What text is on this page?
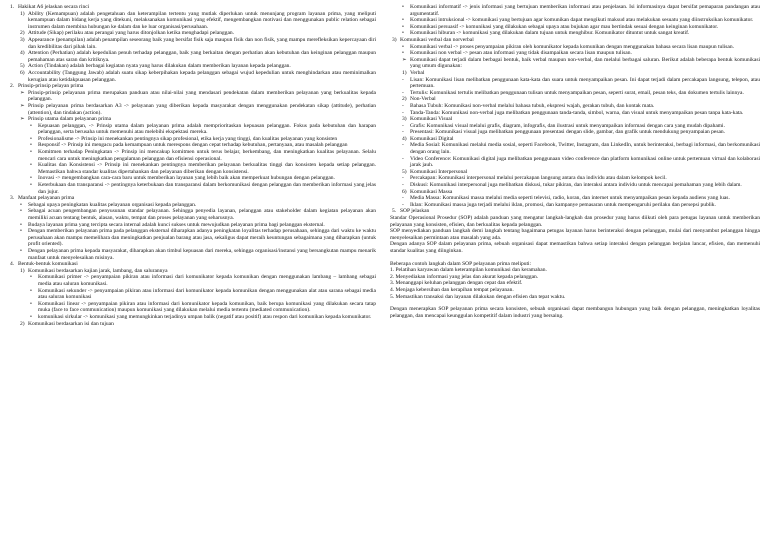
1. Hakikat A6 jelaskan secara rinci
1) Ability (Kemampuan) adalah pengetahuan dan keterampilan tertentu yang mutlak diperlukan untuk menunjang program layanan prima, yang meliputi kemampuan dalam bidang kerja yang ditekuni, melaksanakan komunikasi yang efektif, mengembangkan motivasi dan menggunakan public relation sebagai instrumen dalam membina hubungan ke dalam dan ke luar organisasi/perusahaan.
2) Attitude (Sikap) perilaku atau perangai yang harus ditonjolkan ketika menghadapi pelanggan.
3) Appearance (penampilan) adalah penampilan seseorang baik yang bersifat fisik saja maupun fisik dan non fisik, yang mampu merefleksikan kepercayaan diri dan kredibilitas dari pihak lain.
4) Attention (Perhatian) adalah kepedulian penuh terhadap pelanggan, baik yang berkaitan dengan perhatian akan kebutuhan dan keinginan pelanggan maupun pemahaman atas saran dan kritiknya.
5) Action (Tindakan) adalah berbagai kegiatan nyata yang harus dilakukan dalam memberikan layanan kepada pelanggan.
6) Accountability (Tanggung Jawab) adalah suatu sikap keberpihakan kepada pelanggan sebagai wujud kepedulian untuk menghindarkan atau meminimalkan kerugian atau ketidakpuasan pelanggan.
2. Prinsip-prinsip pelayan prima
➢ Prinsip-prinsip pelayanan prima merupakan panduan atau nilai-nilai yang mendasari pendekatan dalam memberikan pelayanan yang berkualitas kepada pelanggan.
➢ Prinsip pelayanan prima berdasarkan A3 -> pelayanan yang diberikan kepada masyarakat dengan menggunakan pendekatan sikap (attitude), perhatian (attention), dan tindakan (action).
➢ Prinsip utama dalam pelayanan prima
•	Kepuasan pelanggan, -> Prinsip utama dalam pelayanan prima adalah memprioritaskan kepuasan pelanggan. Fokus pada kebutuhan dan harapan pelanggan, serta berusaha untuk memenuhi atau melebihi ekspektasi mereka.
•	Profesionalisme -> Prinsip ini menekankan pentingnya sikap profesional, etika kerja yang tinggi, dan kualitas pelayanan yang konsisten
•	Responsif -> Prinsip ini mengacu pada kemampuan untuk merespons dengan cepat terhadap kebutuhan, pertanyaan, atau masalah pelanggan
•	Komitmen terhadap Peningkatan -> Prinsip ini mencakup komitmen untuk terus belajar, berkembang, dan meningkatkan kualitas pelayanan. Selalu mencari cara untuk meningkatkan pengalaman pelanggan dan efisiensi operasional.
•	Kualitas dan Konsistensi -> Prinsip ini menekankan pentingnya memberikan pelayanan berkualitas tinggi dan konsisten kepada setiap pelanggan. Memastikan bahwa standar kualitas dipertahankan dan pelayanan diberikan dengan konsistensi.
•	Inovasi -> mengembangkan cara-cara baru untuk memberikan layanan yang lebih baik akan memperkuat hubungan dengan pelanggan.
•	Keterbukaan dan transparansi -> pentingnya keterbukaan dan transparansi dalam berkomunikasi dengan pelanggan dan memberikan informasi yang jelas dan jujur.
3. Manfaat pelayanan prima
•	Sebagai upaya peningkatan kualitas pelayanan organisasi kepada pelanggan.
•	Sebagai acuan pengembangan penyusunan standar pelayanan. Sehingga penyedia layanan, pelanggan atau stakeholder dalam kegiatan pelayanan akan memiliki acuan tentang bentuk, alasan, waktu, tempat dan proses pelayanan yang seharusnya.
•	Budaya layanan prima yang tercipta secara internal adalah kunci sukses untuk mewujudkan pelayanan prima bagi pelanggan eksternal.
•	Dengan memberikan pelayanan prima pada pelanggan eksternal diharapkan adanya peningkatan loyalitas terhadap perusahaan, sehingga dari waktu ke waktu perusahaan akan mampu memelihara dan meningkatkan penjualan barang atau jasa, sekaligus dapat meraih keuntungan sebagaimana yang diharapkan (untuk profit oriented).
•	Dengan pelayanan prima kepada masyarakat, diharapkan akan timbul kepuasan dari mereka, sehingga organisasi/instansi yang bersangkutan mampu menarik manfaat untuk menyelesaikan misinya.
4. Bentuk-bentuk komunikasi
1) Komunikasi berdasarkan kajian jarak, lambang, dan salurannya
•	Komunikasi primer -> penyampaian pikiran atau informasi dari komunikator kepada komunikan dengan menggunakan lambang – lambang sebagai media atau saluran komunikasi.
•	Komunikasi sekunder -> penyampaian pikiran atau informasi dari komunikator kepada komunikan dengan menggunakan alat atau sarana sebagai media atau saluran komunikasi
•	Komunikasi linear -> penyampaian pikiran atau informasi dari komunikator kepada komunikan, baik berupa komunikasi yang dilakukan secara tatap muka (face to face communication) maupun komunikasi yang dilakukan melalui media tertentu (mediated communication).
•	komunikasi sirkular -> komunikasi yang memungkinkan terjadinya umpan balik (negatif atau positif) atau respon dari komunikan kepada komunikator.
2) Komunikasi berdasarkan isi dan tujuan
•	Komunikasi informatif -> jenis informasi yang bertujuan memberikan informasi atau penjelasan. Isi informasinya dapat bersifat pemaparan pandangan atau argumentatif.
•	Komunikasi intruksional -> komunikasi yang bertujuan agar komunikan dapat mengikuti maksud atau melakukan sesuatu yang diinstruksikan komunikator.
•	Komunikasi persuasif -> komunikasi yang dilakukan sebagai upaya atau bujukan agar mau bertindak sesuai dengan keinginan komunikator.
•	Komunikasi hiburan -> komunikasi yang dilakukan dalam tujuan untuk menghibur. Komunikator dituntut untuk sangat kreatif.
3) Komunikasi verbal dan norverbal
•	Komunikasi verbal -> proses penyampaian pikiran oleh komunikator kepada komunikan dengan menggunakan bahasa secara lisan maupun tulisan.
•	Komunikasi non verbal -> pesan atau informasi yang tidak disampaikan secara lisan maupun tulisan.
➢ Komunikasi dapat terjadi dalam berbagai bentuk, baik verbal maupun non-verbal, dan melalui berbagai saluran. Berikut adalah beberapa bentuk komunikasi yang umum digunakan:
1) Verbal
-	Lisan: Komunikasi lisan melibatkan penggunaan kata-kata dan suara untuk menyampaikan pesan. Ini dapat terjadi dalam percakapan langsung, telepon, atau pertemuan.
-	Tertulis: Komunikasi tertulis melibatkan penggunaan tulisan untuk menyampaikan pesan, seperti surat, email, pesan teks, dan dokumen tertulis lainnya.
2) Non-Verbal
-	Bahasa Tubuh: Komunikasi non-verbal melalui bahasa tubuh, ekspresi wajah, gerakan tubuh, dan kontak mata.
-	Tanda-Tanda: Komunikasi non-verbal juga melibatkan penggunaan tanda-tanda, simbol, warna, dan visual untuk menyampaikan pesan tanpa kata-kata.
3) Komunikasi Visual
-	Grafis: Komunikasi visual melalui grafis, diagram, infografis, dan ilustrasi untuk menyampaikan informasi dengan cara yang mudah dipahami.
-	Presentasi: Komunikasi visual juga melibatkan penggunaan presentasi dengan slide, gambar, dan grafik untuk mendukung penyampaian pesan.
4) Komunikasi Digital
-	Media Sosial: Komunikasi melalui media sosial, seperti Facebook, Twitter, Instagram, dan LinkedIn, untuk berinteraksi, berbagi informasi, dan berkomunikasi dengan orang lain.
-	Video Conference: Komunikasi digital juga melibatkan penggunaan video conference dan platform komunikasi online untuk pertemuan virtual dan kolaborasi jarak jauh.
5) Komunikasi Interpersonal
-	Percakapan: Komunikasi interpersonal melalui percakapan langsung antara dua individu atau dalam kelompok kecil.
-	Diskusi: Komunikasi interpersonal juga melibatkan diskusi, tukar pikiran, dan interaksi antara individu untuk mencapai pemahaman yang lebih dalam.
6) Komunikasi Massa
-	Media Massa: Komunikasi massa melalui media seperti televisi, radio, koran, dan internet untuk menyampaikan pesan kepada audiens yang luas.
-	Iklan: Komunikasi massa juga terjadi melalui iklan, promosi, dan kampanye pemasaran untuk mempengaruhi perilaku dan persepsi publik.
5. SOP jelaskan
Standar Operasional Prosedur (SOP) adalah panduan yang mengatur langkah-langkah dan prosedur yang harus diikuti oleh para petugas layanan untuk memberikan pelayanan yang konsisten, efisien, dan berkualitas kepada pelanggan.
SOP menyediakan panduan langkah demi langkah tentang bagaimana petugas layanan harus berinteraksi dengan pelanggan, mulai dari menyambut pelanggan hingga menyelesaikan permintaan atau masalah yang ada.
Dengan adanya SOP dalam pelayanan prima, sebuah organisasi dapat memastikan bahwa setiap interaksi dengan pelanggan berjalan lancar, efisien, dan memenuhi standar kualitas yang diinginkan.
Beberapa contoh langkah dalam SOP pelayanan prima meliputi:
1. Pelatihan karyawan dalam keterampilan komunikasi dan keramahan.
2. Menyediakan informasi yang jelas dan akurat kepada pelanggan.
3. Menanggapi keluhan pelanggan dengan cepat dan efektif.
4. Menjaga kebersihan dan kerapihan tempat pelayanan.
5. Memastikan transaksi dan layanan dilakukan dengan efisien dan tepat waktu.
Dengan menerapkan SOP pelayanan prima secara konsisten, sebuah organisasi dapat membangun hubungan yang baik dengan pelanggan, meningkatkan loyalitas pelanggan, dan mencapai keunggulan kompetitif dalam industri yang bersaing.
